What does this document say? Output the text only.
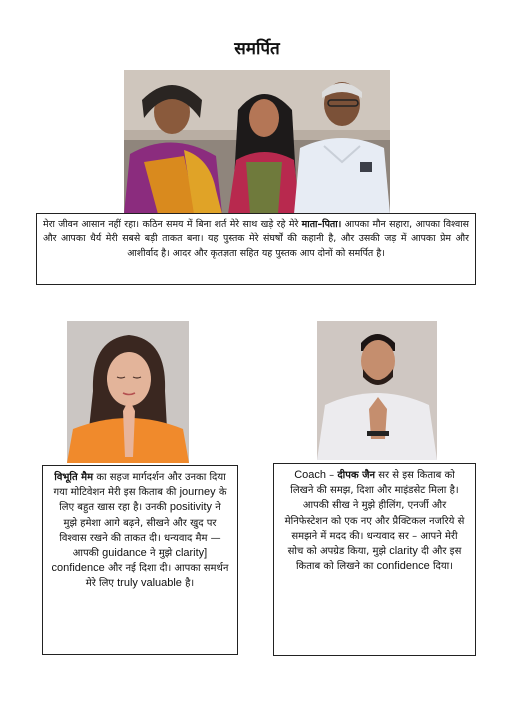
समर्पित
मेरा जीवन आसान नहीं रहा। कठिन समय में बिना शर्त मेरे साथ खड़े रहे मेरे माता–पिता। आपका मौन सहारा, आपका विश्वास और आपका धैर्य मेरी सबसे बड़ी ताकत बना। यह पुस्तक मेरे संघर्षों की कहानी है, और उसकी जड़ में आपका प्रेम और आशीर्वाद है। आदर और कृतज्ञता सहित यह पुस्तक आप दोनों को समर्पित है।
विभूति मैम का सहज मार्गदर्शन और उनका दिया गया मोटिवेशन मेरी इस किताब की journey के लिए बहुत खास रहा है। उनकी positivity ने मुझे हमेशा आगे बढ़ने, सीखने और खुद पर विश्वास रखने की ताकत दी। धन्यवाद मैम — आपकी guidance ने मुझे clarity] confidence और नई दिशा दी। आपका समर्थन मेरे लिए truly valuable है।
Coach – दीपक जैन सर से इस किताब को लिखने की समझ, दिशा और माइंडसेट मिला है। आपकी सीख ने मुझे हीलिंग, एनर्जी और मेनिफेस्टेशन को एक नए और प्रैक्टिकल नजरिये से समझने में मदद की। धन्यवाद सर – आपने मेरी सोच को अपग्रेड किया, मुझे clarity दी और इस किताब को लिखने का confidence दिया।
